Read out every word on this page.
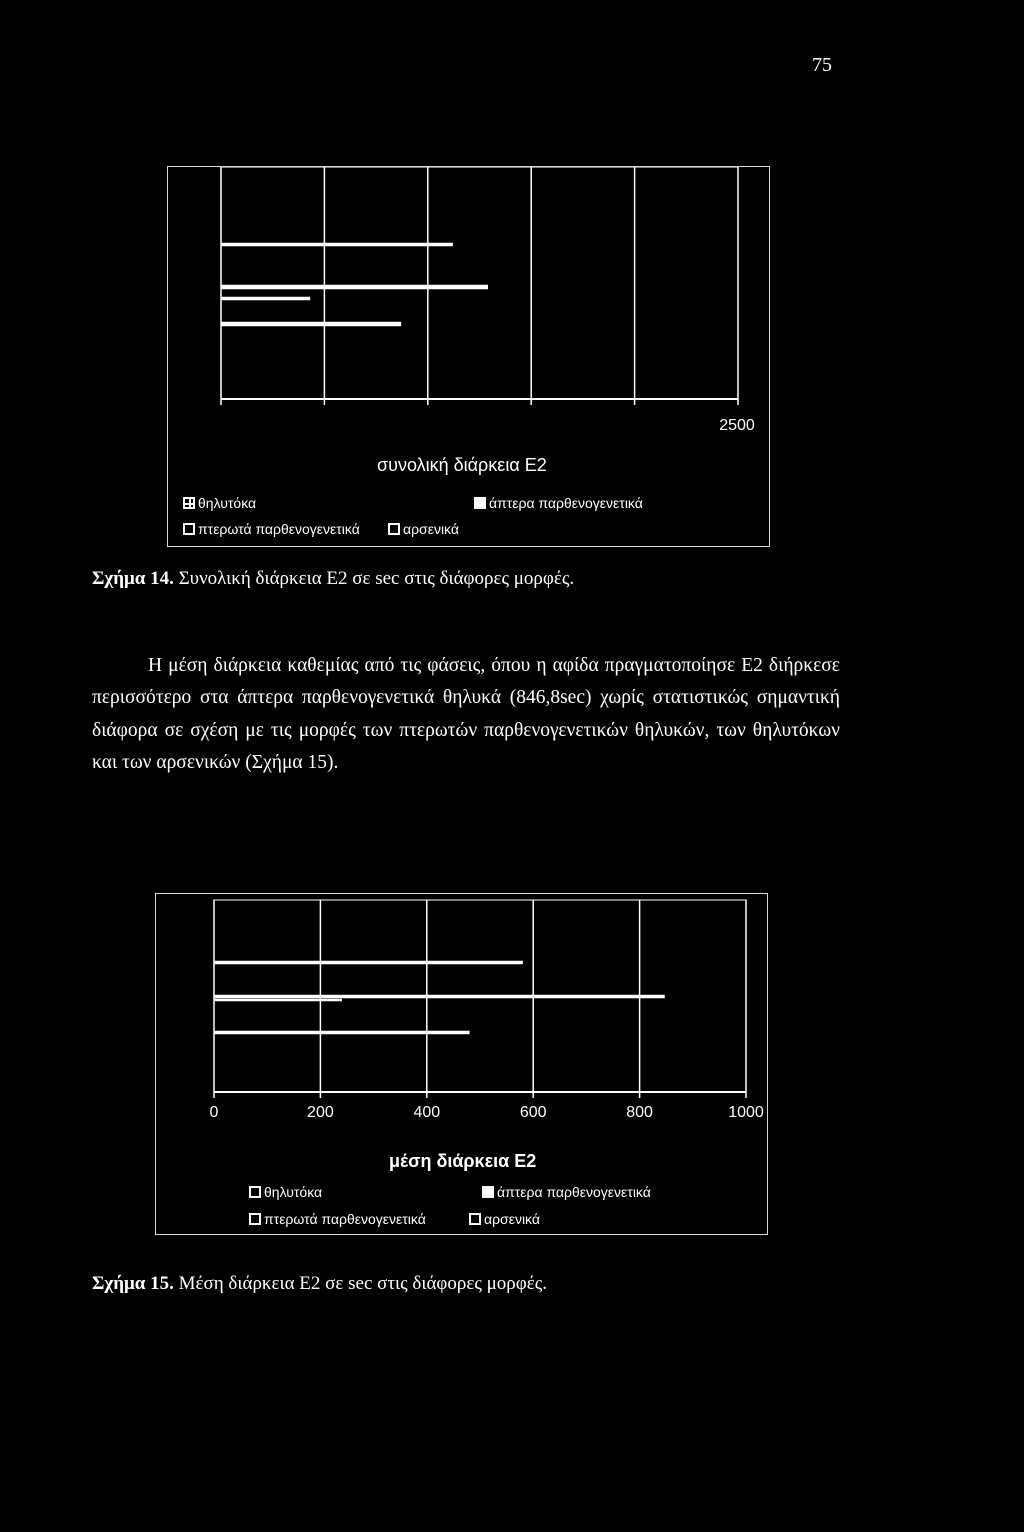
75
2500
συνολική διάρκεια Ε2
θηλυτόκα	άπτερα παρθενογενετικά
πτερωτά παρθενογενετικά	αρσενικά
Σχήμα 14. Συνολική διάρκεια Ε2 σε sec στις διάφορες μορφές.

Η μέση διάρκεια καθεμίας από τις φάσεις, όπου η αφίδα πραγματοποίησε Ε2 διήρκεσε περισσότερο στα άπτερα παρθενογενετικά θηλυκά (846,8sec) χωρίς στατιστικώς σημαντική διάφορα σε σχέση με τις μορφές των πτερωτών παρθενογενετικών θηλυκών, των θηλυτόκων και των αρσενικών (Σχήμα 15).

μέση διάρκεια Ε2
θηλυτόκα	άπτερα παρθενογενετικά
πτερωτά παρθενογενετικά	αρσενικά
0	200	400	600	800	1000
Σχήμα 15. Μέση διάρκεια Ε2 σε sec στις διάφορες μορφές.
